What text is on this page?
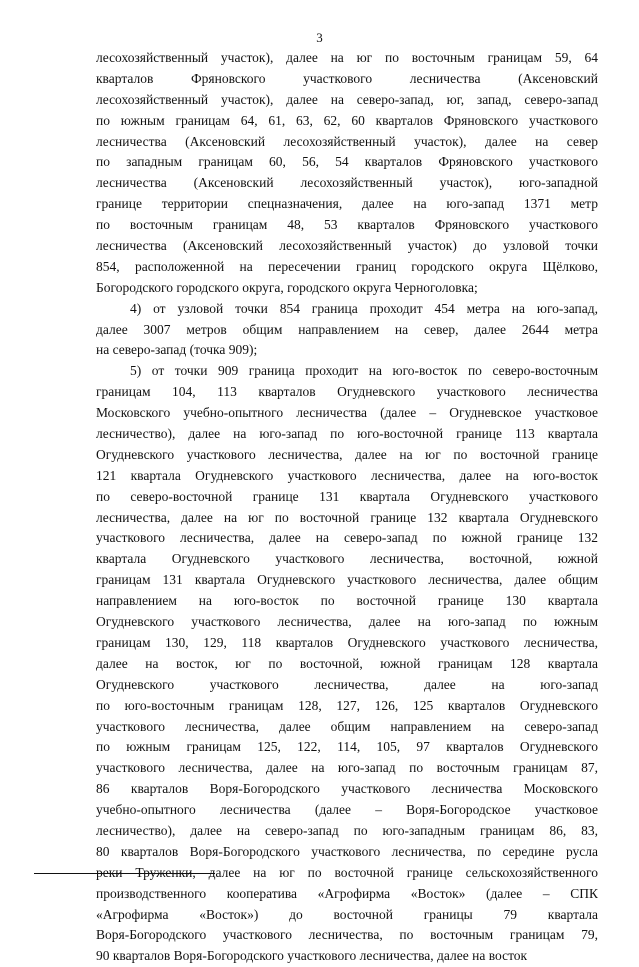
3

лесохозяйственный участок), далее на юг по восточным границам 59, 64
кварталов Фряновского участкового лесничества (Аксеновский
лесохозяйственный участок), далее на северо-запад, юг, запад, северо-запад
по южным границам 64, 61, 63, 62, 60 кварталов Фряновского участкового
лесничества (Аксеновский лесохозяйственный участок), далее на север
по западным границам 60, 56, 54 кварталов Фряновского участкового
лесничества (Аксеновский лесохозяйственный участок), юго-западной
границе территории спецназначения, далее на юго-запад 1371 метр
по восточным границам 48, 53 кварталов Фряновского участкового
лесничества (Аксеновский лесохозяйственный участок) до узловой точки
854, расположенной на пересечении границ городского округа Щёлково,
Богородского городского округа, городского округа Черноголовка;

4) от узловой точки 854 граница проходит 454 метра на юго-запад,
далее 3007 метров общим направлением на север, далее 2644 метра
на северо-запад (точка 909);

5) от точки 909 граница проходит на юго-восток по северо-восточным
границам 104, 113 кварталов Огудневского участкового лесничества
Московского учебно-опытного лесничества (далее – Огудневское участковое
лесничество), далее на юго-запад по юго-восточной границе 113 квартала
Огудневского участкового лесничества, далее на юг по восточной границе
121 квартала Огудневского участкового лесничества, далее на юго-восток
по северо-восточной границе 131 квартала Огудневского участкового
лесничества, далее на юг по восточной границе 132 квартала Огудневского
участкового лесничества, далее на северо-запад по южной границе 132
квартала Огудневского участкового лесничества, восточной, южной
границам 131 квартала Огудневского участкового лесничества, далее общим
направлением на юго-восток по восточной границе 130 квартала
Огудневского участкового лесничества, далее на юго-запад по южным
границам 130, 129, 118 кварталов Огудневского участкового лесничества,
далее на восток, юг по восточной, южной границам 128 квартала
Огудневского участкового лесничества, далее на юго-запад
по юго-восточным границам 128, 127, 126, 125 кварталов Огудневского
участкового лесничества, далее общим направлением на северо-запад
по южным границам 125, 122, 114, 105, 97 кварталов Огудневского
участкового лесничества, далее на юго-запад по восточным границам 87,
86 кварталов Воря-Богородского участкового лесничества Московского
учебно-опытного лесничества (далее – Воря-Богородское участковое
лесничество), далее на северо-запад по юго-западным границам 86, 83,
80 кварталов Воря-Богородского участкового лесничества, по середине русла
реки Труженки, далее на юг по восточной границе сельскохозяйственного
производственного кооператива «Агрофирма «Восток» (далее – СПК
«Агрофирма «Восток») до восточной границы 79 квартала
Воря-Богородского участкового лесничества, по восточным границам 79,
90 кварталов Воря-Богородского участкового лесничества, далее на восток
